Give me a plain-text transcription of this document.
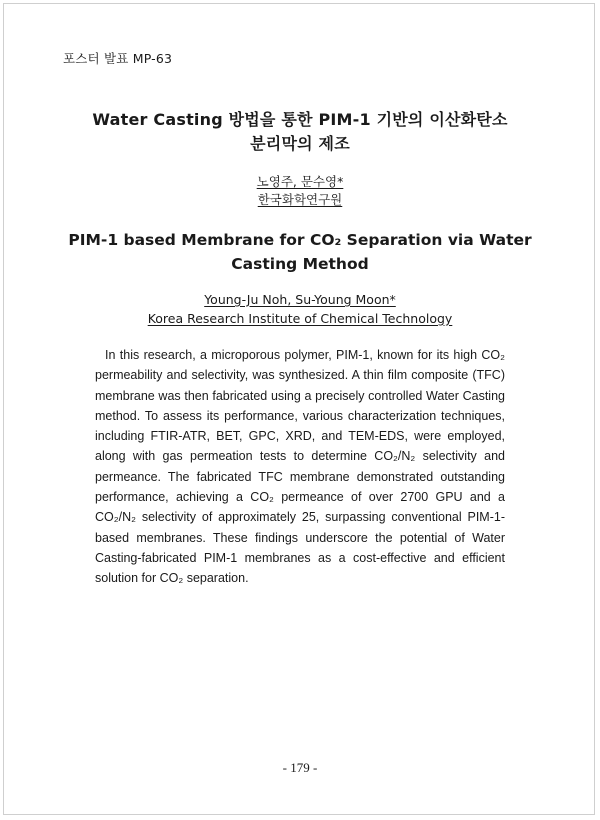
포스터 발표 MP-63
Water Casting 방법을 통한 PIM-1 기반의 이산화탄소
분리막의 제조
노영주, 문수영*
한국화학연구원
PIM-1 based Membrane for CO₂ Separation via Water
Casting Method
Young-Ju Noh, Su-Young Moon*
Korea Research Institute of Chemical Technology

In this research, a microporous polymer, PIM-1, known for its high CO₂ permeability and selectivity, was synthesized. A thin film composite (TFC) membrane was then fabricated using a precisely controlled Water Casting method. To assess its performance, various characterization techniques, including FTIR-ATR, BET, GPC, XRD, and TEM-EDS, were employed, along with gas permeation tests to determine CO₂/N₂ selectivity and permeance. The fabricated TFC membrane demonstrated outstanding performance, achieving a CO₂ permeance of over 2700 GPU and a CO₂/N₂ selectivity of approximately 25, surpassing conventional PIM-1-based membranes. These findings underscore the potential of Water Casting-fabricated PIM-1 membranes as a cost-effective and efficient solution for CO₂ separation.

- 179 -
